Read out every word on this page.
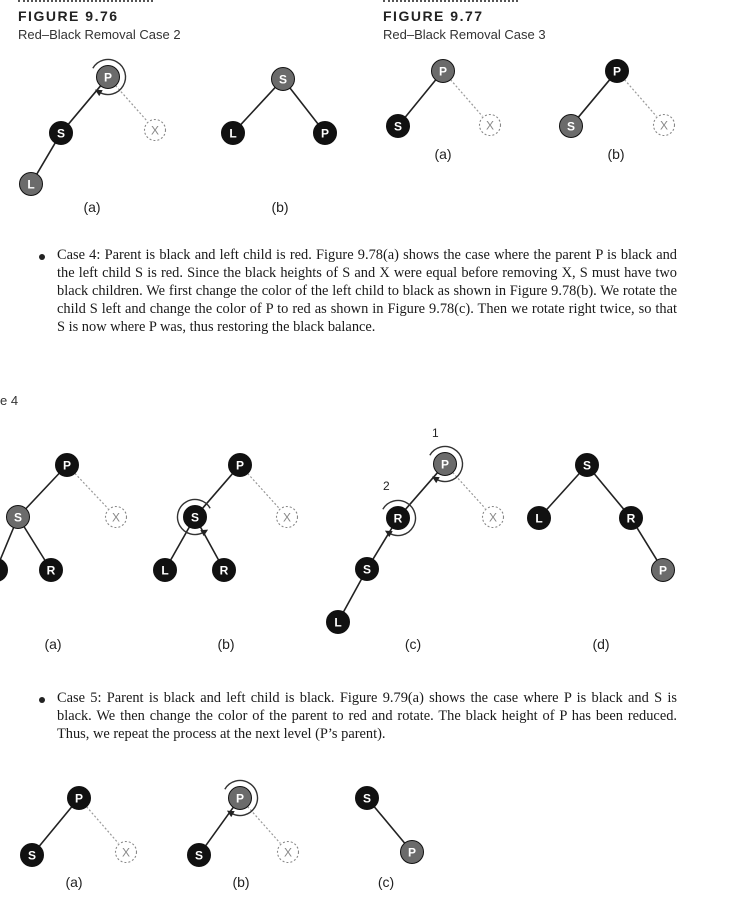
FIGURE 9.76
Red–Black Removal Case 2
FIGURE 9.77
Red–Black Removal Case 3

Case 4: Parent is black and left child is red. Figure 9.78(a) shows the case where the parent P is black and the left child S is red. Since the black heights of S and X were equal before removing X, S must have two black children. We first change the color of the left child to black as shown in Figure 9.78(b). We rotate the child S left and change the color of P to red as shown in Figure 9.78(c). Then we rotate right twice, so that S is now where P was, thus restoring the black balance.

e 4

Case 5: Parent is black and left child is black. Figure 9.79(a) shows the case where P is black and S is black. We then change the color of the parent to red and rotate. The black height of P has been reduced. Thus, we repeat the process at the next level (P’s parent).

P
S
L
X
(a)
S
L	P
(b)
P
S	X
(a)
P
S	X
(b)
P
S
R
X
(a)
P
S
L	R
X
(b)
1
2
P
R
S
L
X
(c)
S
L	R
P
(d)
P
S	X
(a)
P
S	X
(b)
S
P
(c)
